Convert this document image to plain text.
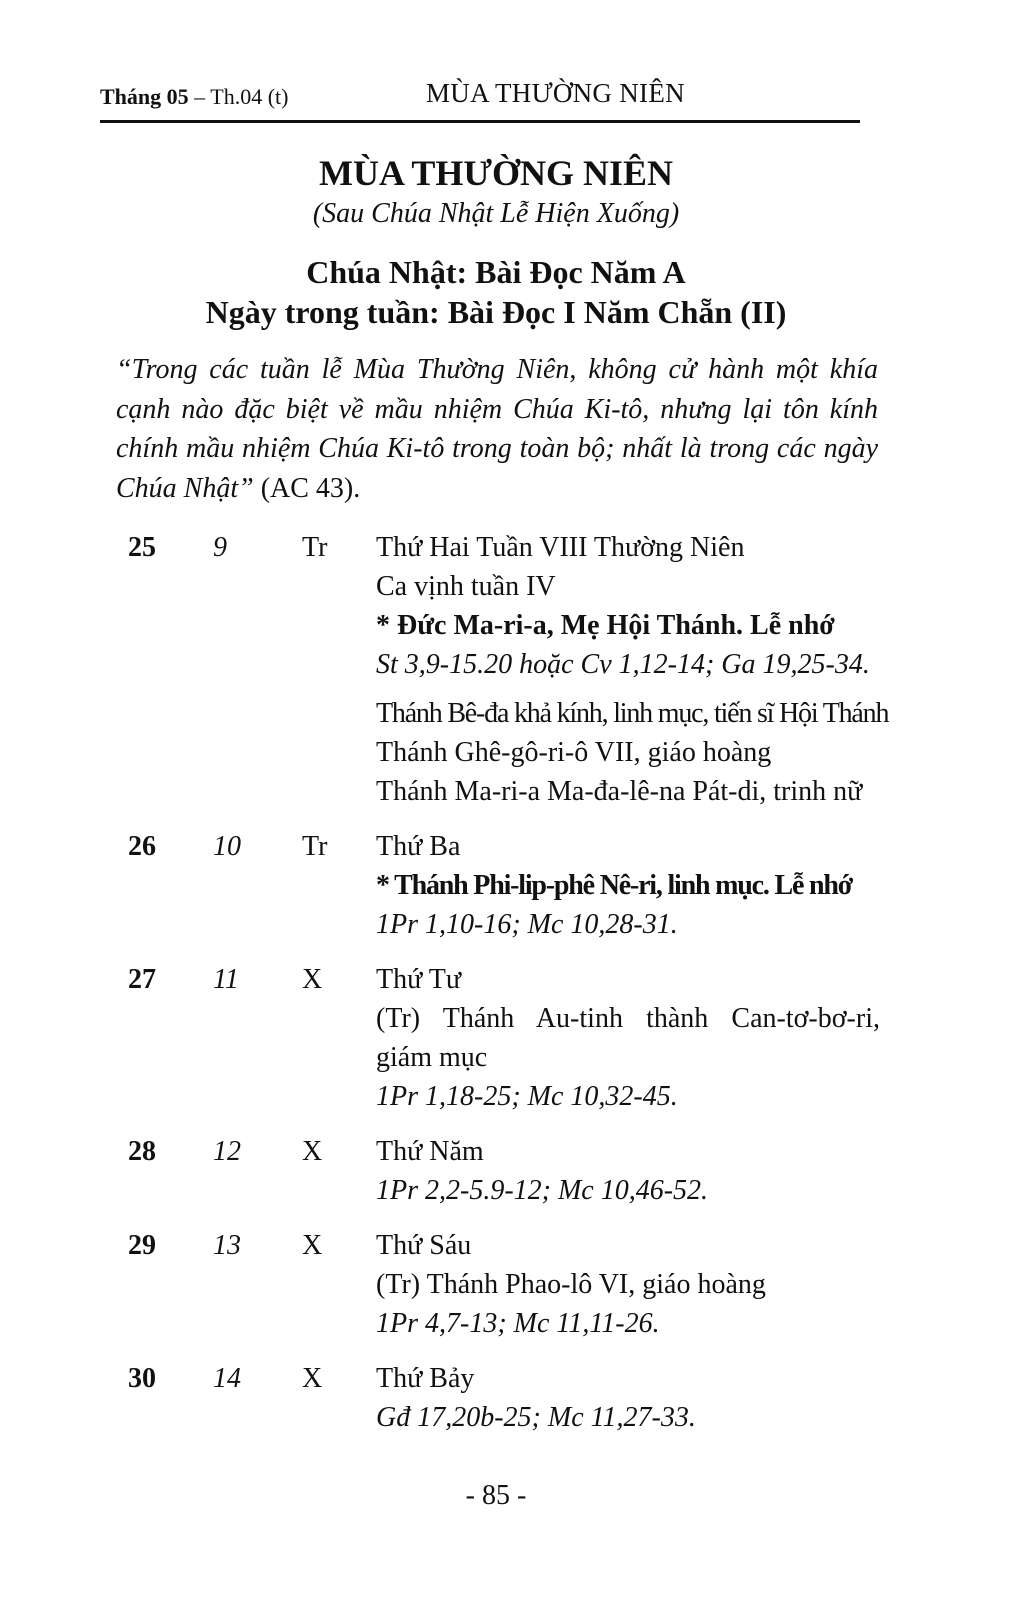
Tháng 05 – Th.04 (t)	MÙA THƯỜNG NIÊN
MÙA THƯỜNG NIÊN
(Sau Chúa Nhật Lễ Hiện Xuống)
Chúa Nhật: Bài Đọc Năm A
Ngày trong tuần: Bài Đọc I Năm Chẵn (II)
“Trong các tuần lễ Mùa Thường Niên, không cử hành một khía cạnh nào đặc biệt về mầu nhiệm Chúa Ki-tô, nhưng lại tôn kính chính mầu nhiệm Chúa Ki-tô trong toàn bộ; nhất là trong các ngày Chúa Nhật” (AC 43).
25 9	Tr Thứ Hai Tuần VIII Thường Niên
Ca vịnh tuần IV
* Đức Ma-ri-a, Mẹ Hội Thánh. Lễ nhớ
St 3,9-15.20 hoặc Cv 1,12-14; Ga 19,25-34.
Thánh Bê-đa khả kính, linh mục, tiến sĩ Hội Thánh
Thánh Ghê-gô-ri-ô VII, giáo hoàng
Thánh Ma-ri-a Ma-đa-lê-na Pát-di, trinh nữ
26 10 Tr Thứ Ba
* Thánh Phi-lip-phê Nê-ri, linh mục. Lễ nhớ
1Pr 1,10-16; Mc 10,28-31.
27 11 X Thứ Tư
(Tr) Thánh Au-tinh thành Can-tơ-bơ-ri,
giám mục
1Pr 1,18-25; Mc 10,32-45.
28 12 X Thứ Năm
1Pr 2,2-5.9-12; Mc 10,46-52.
29 13 X Thứ Sáu
(Tr) Thánh Phao-lô VI, giáo hoàng
1Pr 4,7-13; Mc 11,11-26.
30 14 X Thứ Bảy
Gđ 17,20b-25; Mc 11,27-33.
- 85 -
